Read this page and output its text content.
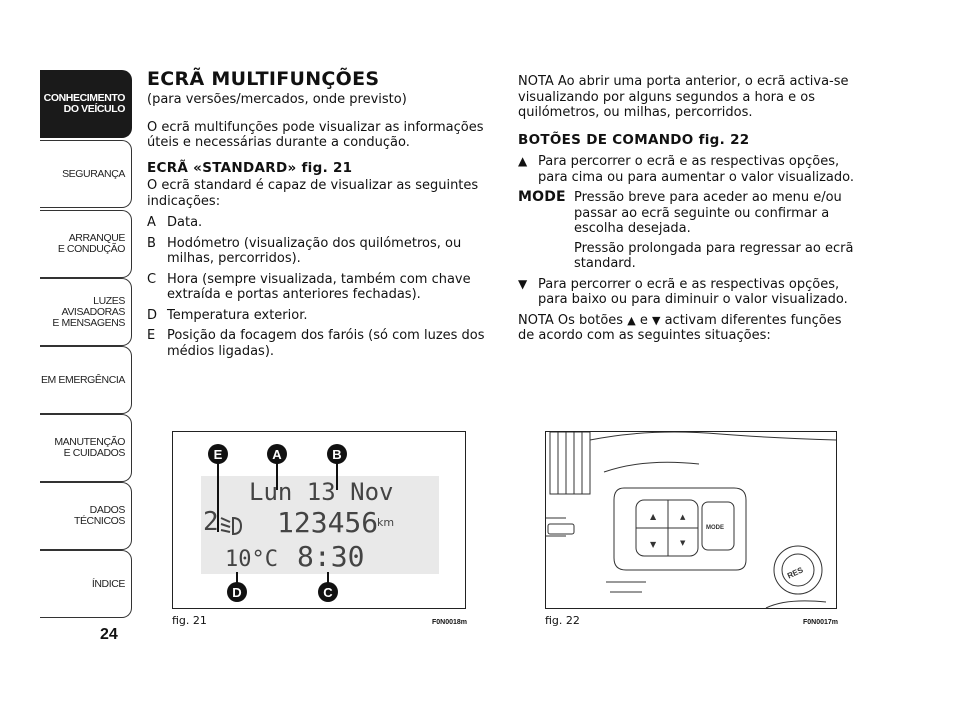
CONHECIMENTO
DO VEÍCULO
SEGURANÇA
ARRANQUE
E CONDUÇÃO
LUZES
AVISADORAS
E MENSAGENS
EM EMERGÊNCIA
MANUTENÇÃO
E CUIDADOS
DADOS
TÉCNICOS
ÍNDICE
24
ECRÃ MULTIFUNÇÕES

(para versões/mercados, onde previsto)

O ecrã multifunções pode visualizar as informações úteis e necessárias durante a condução.

ECRÃ «STANDARD» fig. 21

O ecrã standard é capaz de visualizar as seguintes indicações:

A Data.
B Hodómetro (visualização dos quilómetros, ou milhas, percorridos).
C Hora (sempre visualizada, também com chave extraída e portas anteriores fechadas).
D Temperatura exterior.
E Posição da focagem dos faróis (só com luzes dos médios ligadas).

NOTA Ao abrir uma porta anterior, o ecrã activa-se visualizando por alguns segundos a hora e os quilómetros, ou milhas, percorridos.

BOTÕES DE COMANDO fig. 22
▲ Para percorrer o ecrã e as respectivas opções, para cima ou para aumentar o valor visualizado.
MODE Pressão breve para aceder ao menu e/ou passar ao ecrã seguinte ou confirmar a escolha desejada.
Pressão prolongada para regressar ao ecrã standard.
▼ Para percorrer o ecrã e as respectivas opções, para baixo ou para diminuir o valor visualizado.

NOTA Os botões ▲ e ▼ activam diferentes funções de acordo com as seguintes situações:

Lun 13 Nov
2 123456
km
10°C 8:30
E	A	B
D	C
fig. 21	F0N0018m
▲
▼
▲
▼
MODE
RES
fig. 22	F0N0017m
